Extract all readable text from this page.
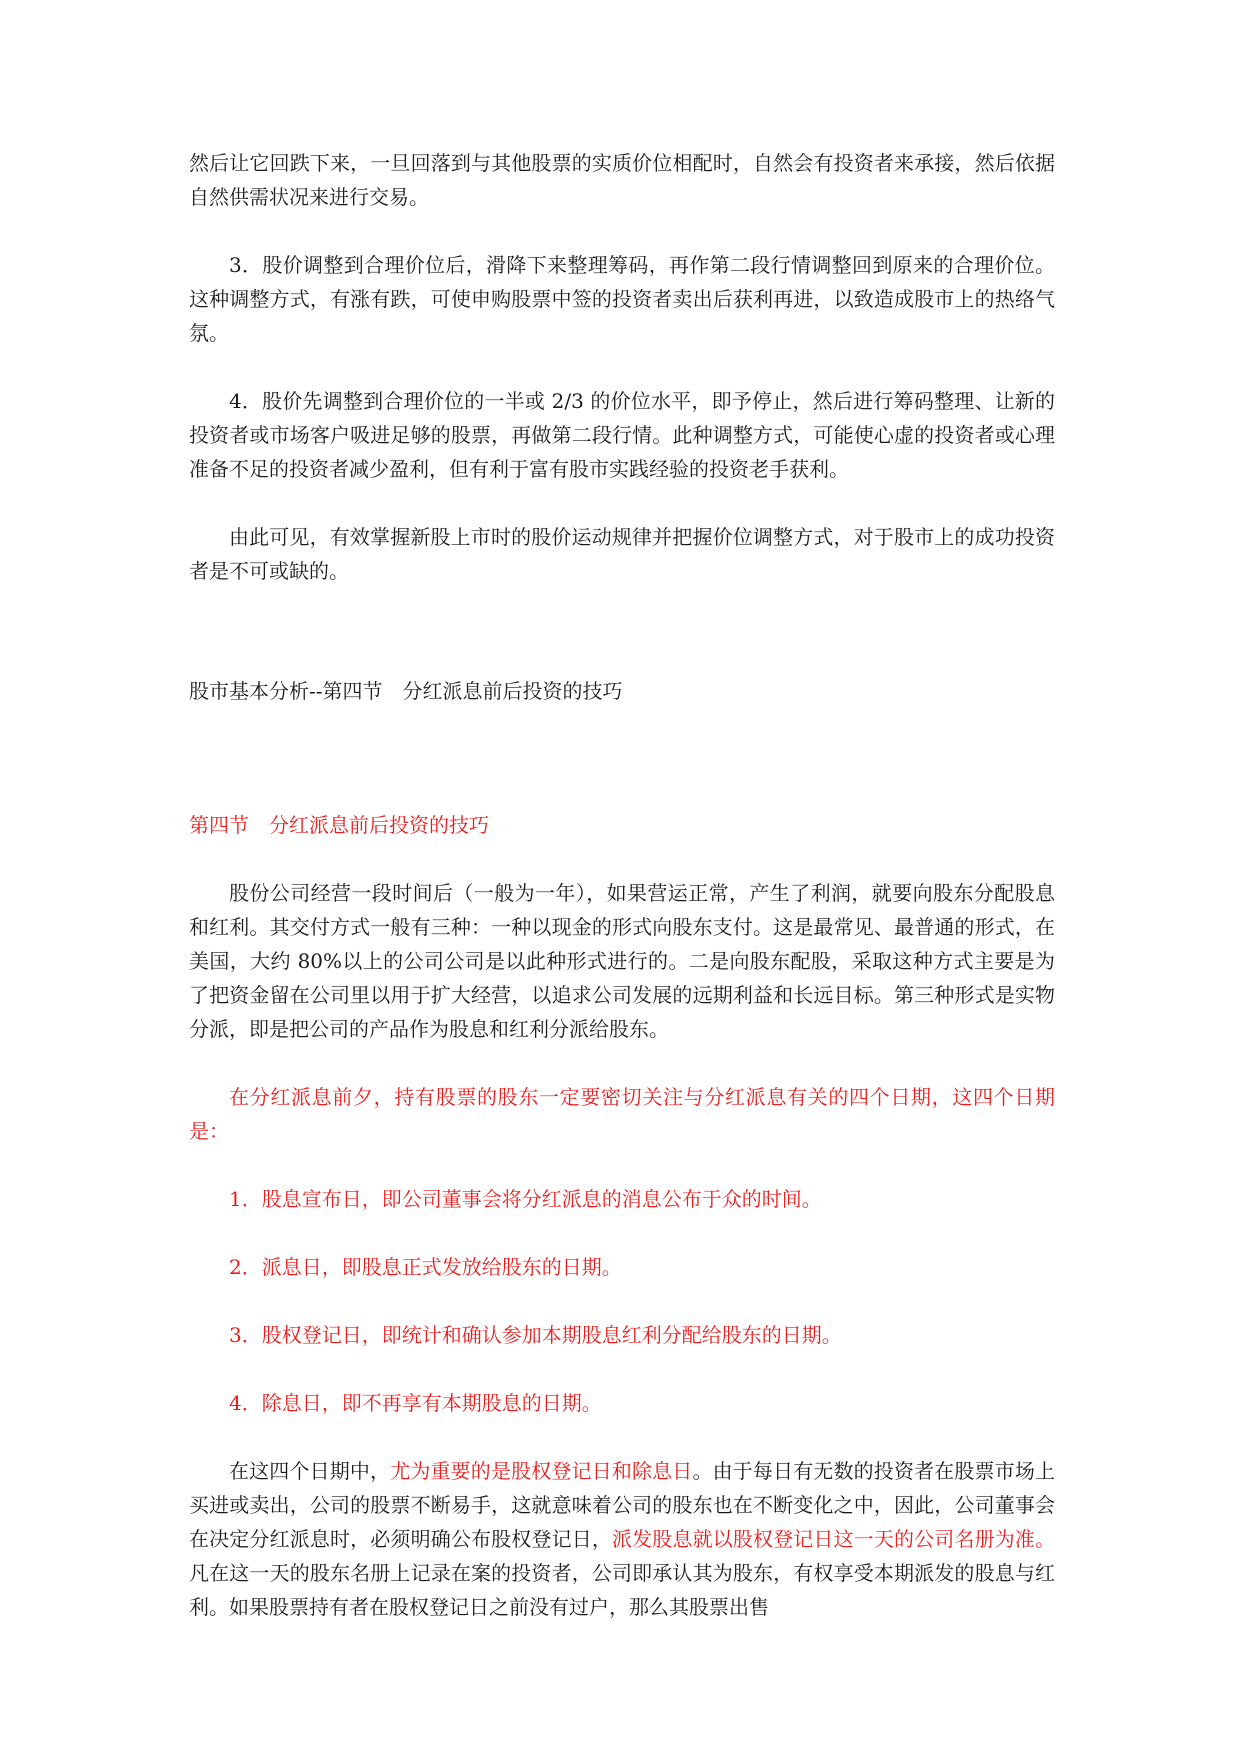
然后让它回跌下来，一旦回落到与其他股票的实质价位相配时，自然会有投资者来承接，然后依据自然供需状况来进行交易。

3．股价调整到合理价位后，滑降下来整理筹码，再作第二段行情调整回到原来的合理价位。这种调整方式，有涨有跌，可使申购股票中签的投资者卖出后获利再进，以致造成股市上的热络气氛。

4．股价先调整到合理价位的一半或 2/3 的价位水平，即予停止，然后进行筹码整理、让新的投资者或市场客户吸进足够的股票，再做第二段行情。此种调整方式，可能使心虚的投资者或心理准备不足的投资者减少盈利，但有利于富有股市实践经验的投资老手获利。

由此可见，有效掌握新股上市时的股价运动规律并把握价位调整方式，对于股市上的成功投资者是不可或缺的。

股市基本分析--第四节　分红派息前后投资的技巧

第四节　分红派息前后投资的技巧

股份公司经营一段时间后（一般为一年），如果营运正常，产生了利润，就要向股东分配股息和红利。其交付方式一般有三种：一种以现金的形式向股东支付。这是最常见、最普通的形式，在美国，大约 80%以上的公司公司是以此种形式进行的。二是向股东配股，采取这种方式主要是为了把资金留在公司里以用于扩大经营，以追求公司发展的远期利益和长远目标。第三种形式是实物分派，即是把公司的产品作为股息和红利分派给股东。

在分红派息前夕，持有股票的股东一定要密切关注与分红派息有关的四个日期，这四个日期是：

1．股息宣布日，即公司董事会将分红派息的消息公布于众的时间。

2．派息日，即股息正式发放给股东的日期。

3．股权登记日，即统计和确认参加本期股息红利分配给股东的日期。

4．除息日，即不再享有本期股息的日期。

在这四个日期中，尤为重要的是股权登记日和除息日。由于每日有无数的投资者在股票市场上买进或卖出，公司的股票不断易手，这就意味着公司的股东也在不断变化之中，因此，公司董事会在决定分红派息时，必须明确公布股权登记日，派发股息就以股权登记日这一天的公司名册为准。凡在这一天的股东名册上记录在案的投资者，公司即承认其为股东，有权享受本期派发的股息与红利。如果股票持有者在股权登记日之前没有过户，那么其股票出售
